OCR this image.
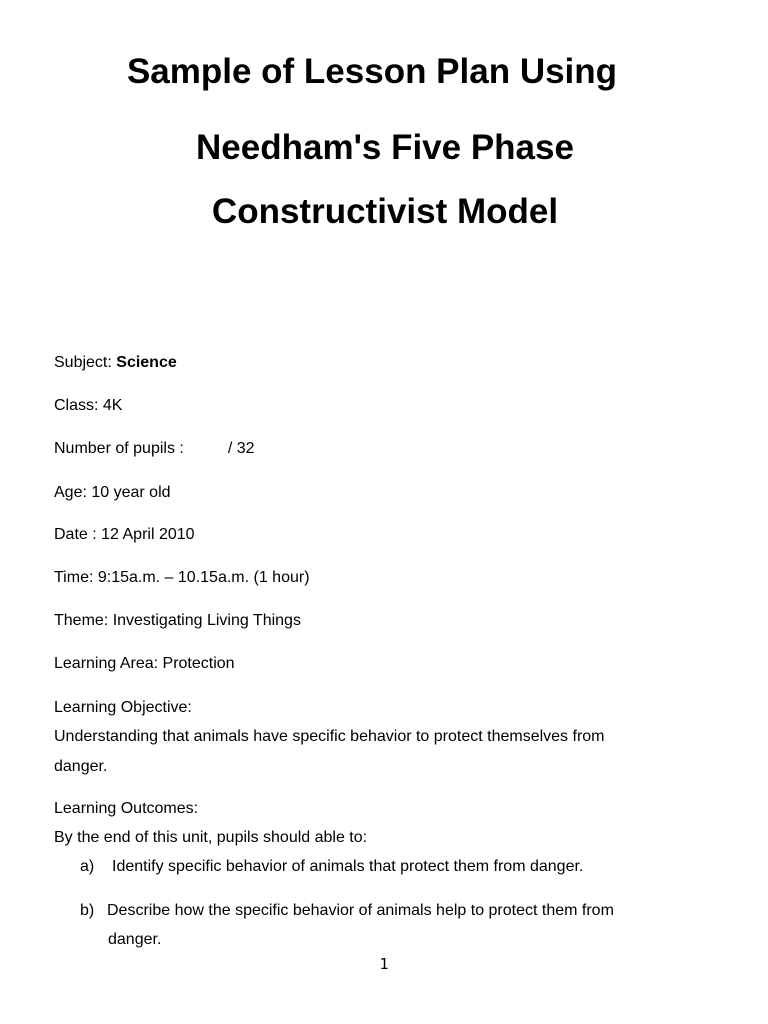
Sample of Lesson Plan Using
Needham's Five Phase
Constructivist Model
Subject: Science
Class: 4K
Number of pupils :	/ 32
Age: 10 year old
Date : 12 April 2010
Time: 9:15a.m. – 10.15a.m. (1 hour)
Theme: Investigating Living Things
Learning Area: Protection
Learning Objective:
Understanding that animals have specific behavior to protect themselves from
danger.
Learning Outcomes:
By the end of this unit, pupils should able to:
a) Identify specific behavior of animals that protect them from danger.
b) Describe how the specific behavior of animals help to protect them from
danger.
1
